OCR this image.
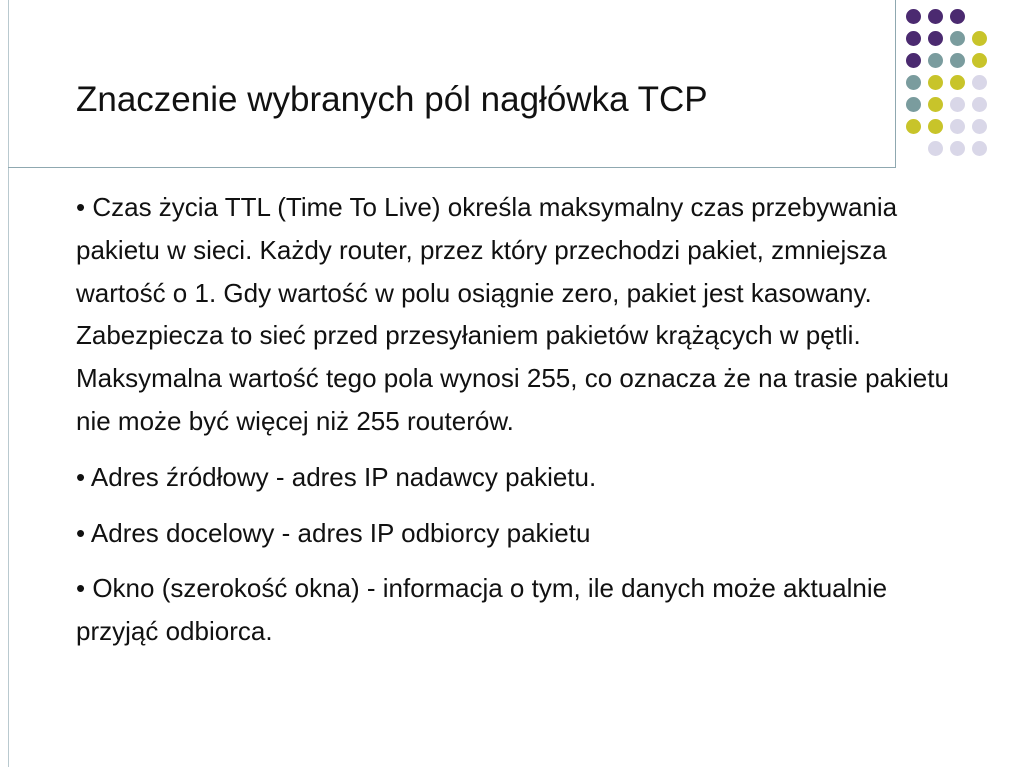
Znaczenie wybranych pól nagłówka TCP

• Czas życia TTL (Time To Live) określa maksymalny czas przebywania pakietu w sieci. Każdy router, przez który przechodzi pakiet, zmniejsza wartość o 1. Gdy wartość w polu osiągnie zero, pakiet jest kasowany. Zabezpiecza to sieć przed przesyłaniem pakietów krążących w pętli. Maksymalna wartość tego pola wynosi 255, co oznacza że na trasie pakietu nie może być więcej niż 255 routerów.

• Adres źródłowy - adres IP nadawcy pakietu.

• Adres docelowy - adres IP odbiorcy pakietu

• Okno (szerokość okna) - informacja o tym, ile danych może aktualnie przyjąć odbiorca.
